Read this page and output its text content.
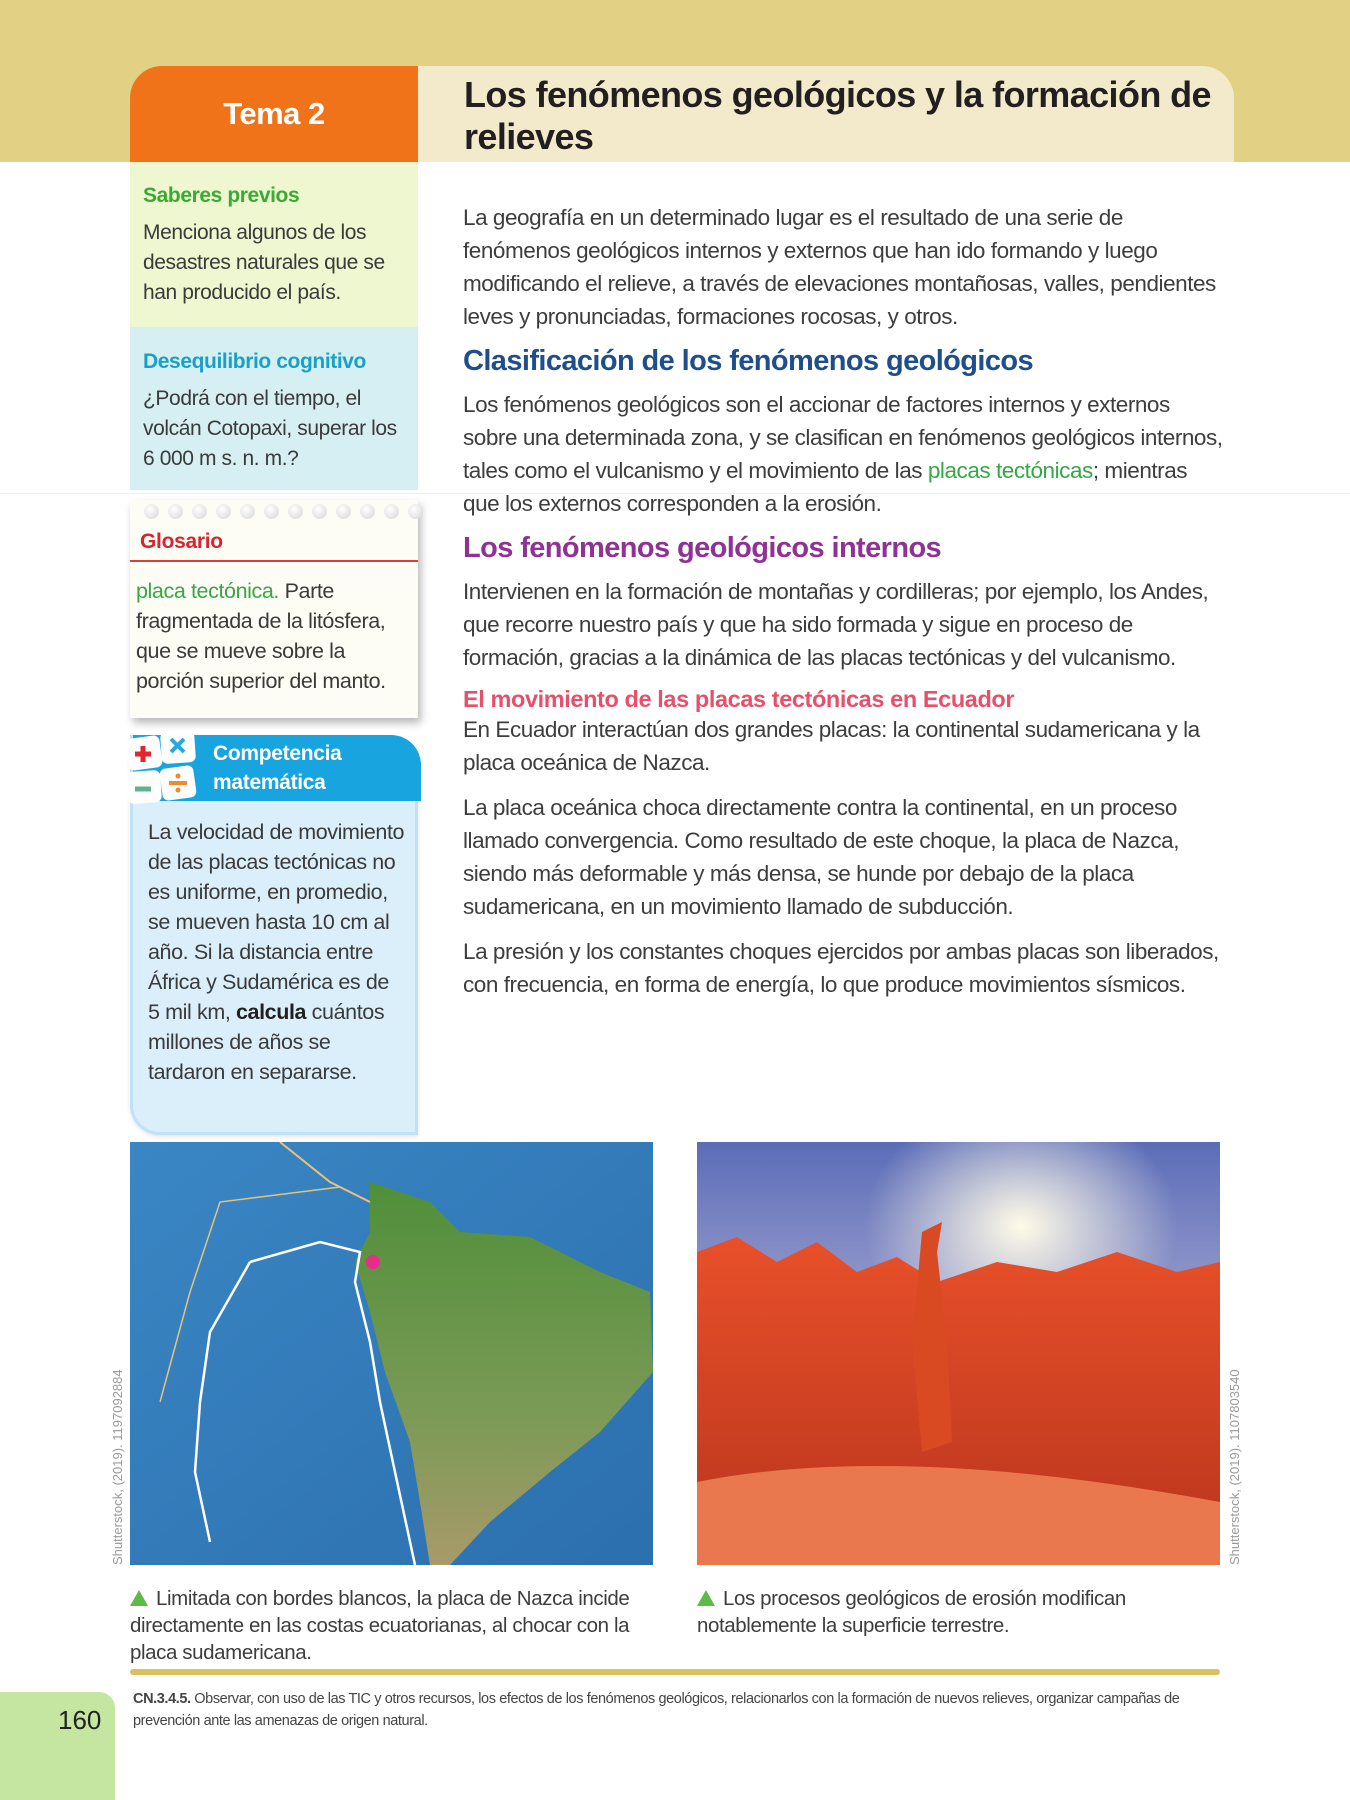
Tema 2	Los fenómenos geológicos y la formación de relieves
Saberes previos
Menciona algunos de los desastres naturales que se han producido el país.
Desequilibrio cognitivo
¿Podrá con el tiempo, el volcán Cotopaxi, superar los 6 000 m s. n. m.?
Glosario

placa tectónica. Parte fragmentada de la litósfera, que se mueve sobre la porción superior del manto.

Competencia
matemática

La velocidad de movimiento de las placas tectónicas no es uniforme, en promedio, se mueven hasta 10 cm al año. Si la distancia entre África y Sudamérica es de 5 mil km, calcula cuántos millones de años se tardaron en separarse.

La geografía en un determinado lugar es el resultado de una serie de fenómenos geológicos internos y externos que han ido formando y luego modificando el relieve, a través de elevaciones montañosas, valles, pendientes leves y pronunciadas, formaciones rocosas, y otros.

Clasificación de los fenómenos geológicos

Los fenómenos geológicos son el accionar de factores internos y externos sobre una determinada zona, y se clasifican en fenómenos geológicos internos, tales como el vulcanismo y el movimiento de las placas tectónicas; mientras que los externos corresponden a la erosión.

Los fenómenos geológicos internos

Intervienen en la formación de montañas y cordilleras; por ejemplo, los Andes, que recorre nuestro país y que ha sido formada y sigue en proceso de formación, gracias a la dinámica de las placas tectónicas y del vulcanismo.

El movimiento de las placas tectónicas en Ecuador

En Ecuador interactúan dos grandes placas: la continental sudamericana y la placa oceánica de Nazca.

La placa oceánica choca directamente contra la continental, en un proceso llamado convergencia. Como resultado de este choque, la placa de Nazca, siendo más deformable y más densa, se hunde por debajo de la placa sudamericana, en un movimiento llamado de subducción.

La presión y los constantes choques ejercidos por ambas placas son liberados, con frecuencia, en forma de energía, lo que produce movimientos sísmicos.

Shutterstock, (2019). 1197092884	Shutterstock, (2019). 1107803540
Limitada con bordes blancos, la placa de Nazca incide directamente en las costas ecuatorianas, al chocar con la placa sudamericana.
Los procesos geológicos de erosión modifican notablemente la superficie terrestre.
CN.3.4.5. Observar, con uso de las TIC y otros recursos, los efectos de los fenómenos geológicos, relacionarlos con la formación de nuevos relieves, organizar campañas de prevención ante las amenazas de origen natural.
160
